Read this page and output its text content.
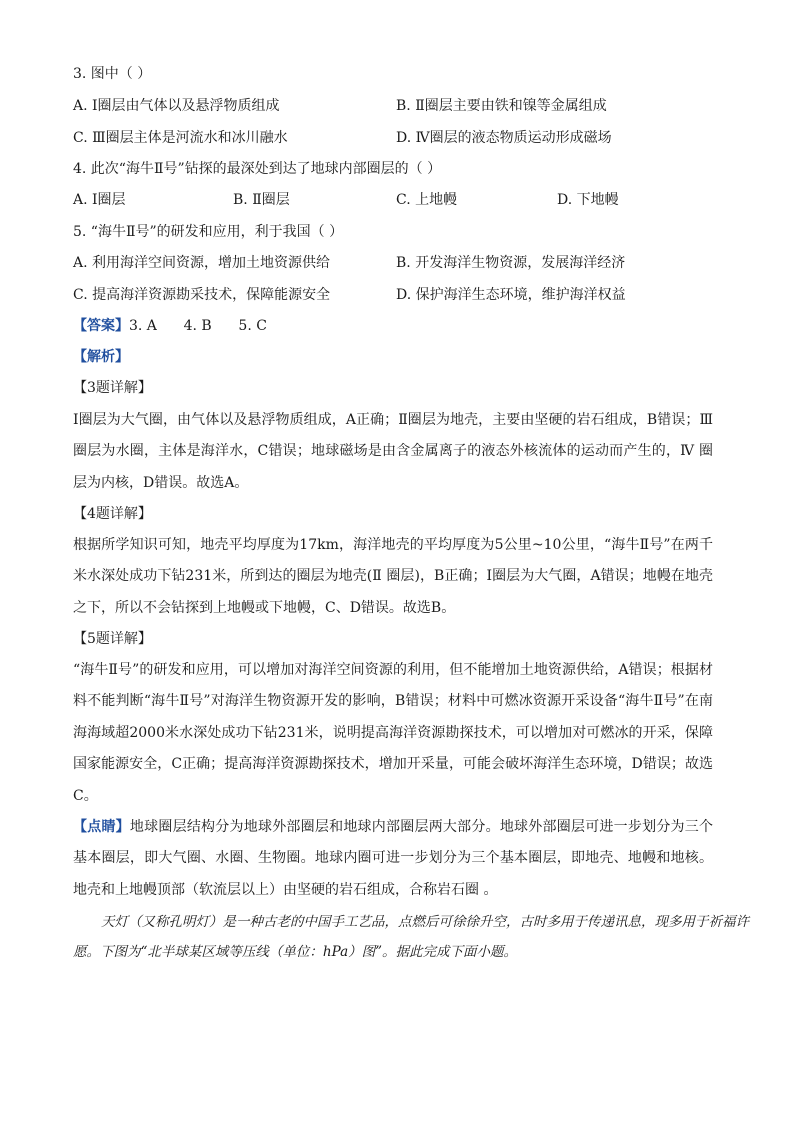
3. 图中（ ）
A. Ⅰ圈层由气体以及悬浮物质组成	B. Ⅱ圈层主要由铁和镍等金属组成
C. Ⅲ圈层主体是河流水和冰川融水	D. Ⅳ圈层的液态物质运动形成磁场
4. 此次“海牛Ⅱ号”钻探的最深处到达了地球内部圈层的（ ）
A. Ⅰ圈层	B. Ⅱ圈层	C. 上地幔	D. 下地幔
5. “海牛Ⅱ号”的研发和应用，利于我国（ ）
A. 利用海洋空间资源，增加土地资源供给	B. 开发海洋生物资源，发展海洋经济
C. 提高海洋资源勘采技术，保障能源安全	D. 保护海洋生态环境，维护海洋权益
【答案】3. A      4. B      5. C
【解析】
【3题详解】
Ⅰ圈层为大气圈，由气体以及悬浮物质组成，A正确；Ⅱ圈层为地壳，主要由坚硬的岩石组成，B错误；Ⅲ圈层为水圈，主体是海洋水，C错误；地球磁场是由含金属离子的液态外核流体的运动而产生的，Ⅳ 圈层为内核，D错误。故选A。
【4题详解】
根据所学知识可知，地壳平均厚度为17km，海洋地壳的平均厚度为5公里~10公里，“海牛Ⅱ号”在两千米水深处成功下钻231米，所到达的圈层为地壳(Ⅱ 圈层)，B正确；Ⅰ圈层为大气圈，A错误；地幔在地壳之下，所以不会钻探到上地幔或下地幔，C、D错误。故选B。
【5题详解】
“海牛Ⅱ号”的研发和应用，可以增加对海洋空间资源的利用，但不能增加土地资源供给，A错误；根据材料不能判断“海牛Ⅱ号”对海洋生物资源开发的影响，B错误；材料中可燃冰资源开采设备“海牛Ⅱ号”在南海海域超2000米水深处成功下钻231米，说明提高海洋资源勘探技术，可以增加对可燃冰的开采，保障国家能源安全，C正确；提高海洋资源勘探技术，增加开采量，可能会破坏海洋生态环境，D错误；故选C。
【点睛】地球圈层结构分为地球外部圈层和地球内部圈层两大部分。地球外部圈层可进一步划分为三个基本圈层，即大气圈、水圈、生物圈。地球内圈可进一步划分为三个基本圈层，即地壳、地幔和地核。地壳和上地幔顶部（软流层以上）由坚硬的岩石组成，合称岩石圈 。
天灯（又称孔明灯）是一种古老的中国手工艺品，点燃后可徐徐升空，古时多用于传递讯息，现多用于祈福许愿。下图为“北半球某区域等压线（单位：hPa）图”。据此完成下面小题。
